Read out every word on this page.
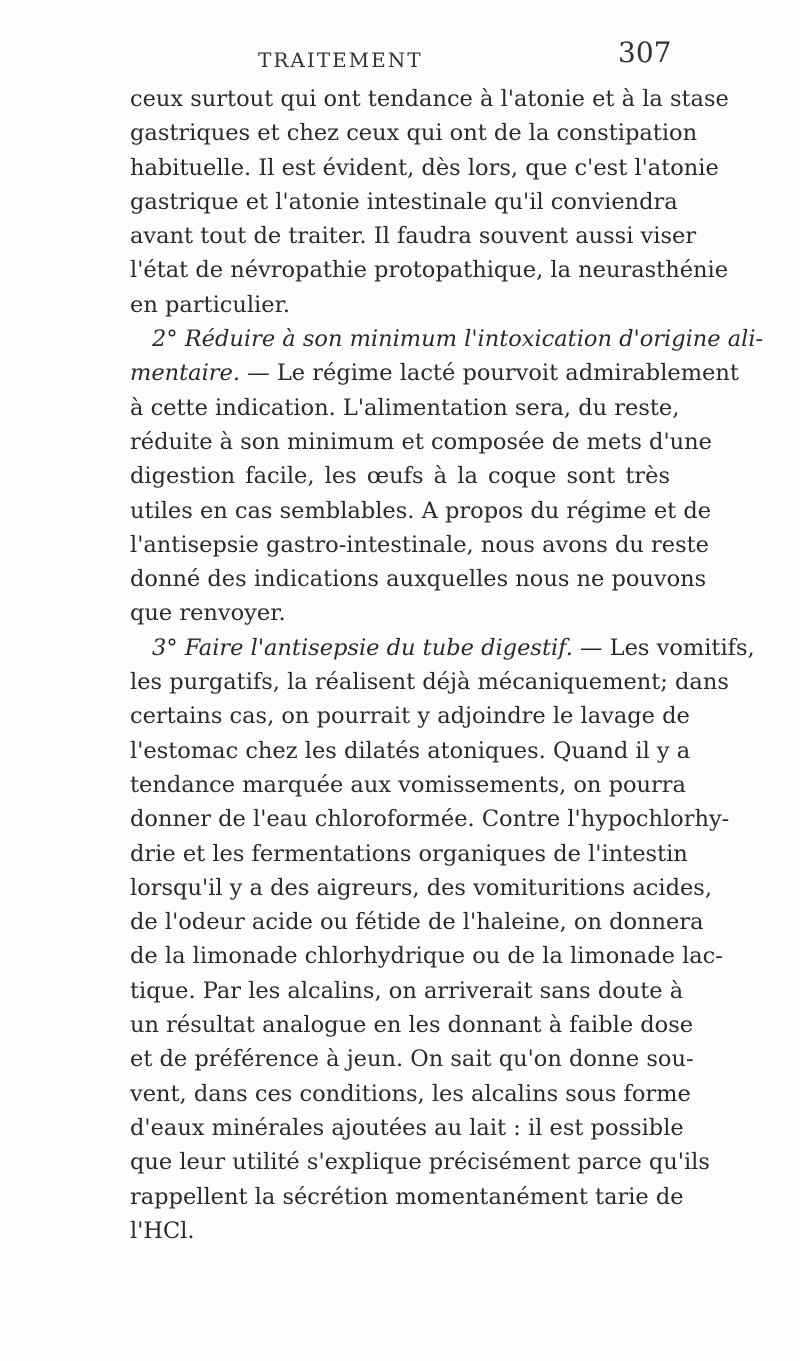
TRAITEMENT	307
ceux surtout qui ont tendance à l'atonie et à la stase
gastriques et chez ceux qui ont de la constipation
habituelle. Il est évident, dès lors, que c'est l'atonie
gastrique et l'atonie intestinale qu'il conviendra
avant tout de traiter. Il faudra souvent aussi viser
l'état de névropathie protopathique, la neurasthénie
en particulier.
2° Réduire à son minimum l'intoxication d'origine ali-
mentaire. — Le régime lacté pourvoit admirablement
à cette indication. L'alimentation sera, du reste,
réduite à son minimum et composée de mets d'une
digestion facile, les œufs à la coque sont très
utiles en cas semblables. A propos du régime et de
l'antisepsie gastro-intestinale, nous avons du reste
donné des indications auxquelles nous ne pouvons
que renvoyer.
3° Faire l'antisepsie du tube digestif. — Les vomitifs,
les purgatifs, la réalisent déjà mécaniquement; dans
certains cas, on pourrait y adjoindre le lavage de
l'estomac chez les dilatés atoniques. Quand il y a
tendance marquée aux vomissements, on pourra
donner de l'eau chloroformée. Contre l'hypochlorhy-
drie et les fermentations organiques de l'intestin
lorsqu'il y a des aigreurs, des vomituritions acides,
de l'odeur acide ou fétide de l'haleine, on donnera
de la limonade chlorhydrique ou de la limonade lac-
tique. Par les alcalins, on arriverait sans doute à
un résultat analogue en les donnant à faible dose
et de préférence à jeun. On sait qu'on donne sou-
vent, dans ces conditions, les alcalins sous forme
d'eaux minérales ajoutées au lait : il est possible
que leur utilité s'explique précisément parce qu'ils
rappellent la sécrétion momentanément tarie de
l'HCl.
